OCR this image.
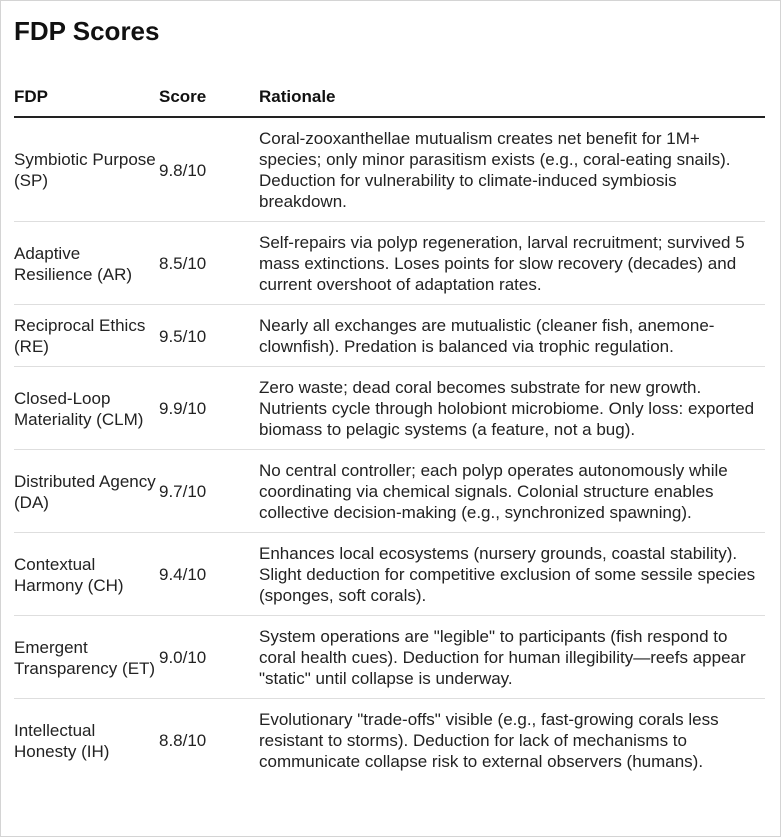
FDP Scores
FDP	Score	Rationale
Symbiotic Purpose (SP)	9.8/10	Coral-zooxanthellae mutualism creates net benefit for 1M+ species; only minor parasitism exists (e.g., coral-eating snails). Deduction for vulnerability to climate-induced symbiosis breakdown.
Adaptive Resilience (AR)	8.5/10	Self-repairs via polyp regeneration, larval recruitment; survived 5 mass extinctions. Loses points for slow recovery (decades) and current overshoot of adaptation rates.
Reciprocal Ethics (RE)	9.5/10	Nearly all exchanges are mutualistic (cleaner fish, anemone-clownfish). Predation is balanced via trophic regulation.
Closed-Loop Materiality (CLM)	9.9/10	Zero waste; dead coral becomes substrate for new growth. Nutrients cycle through holobiont microbiome. Only loss: exported biomass to pelagic systems (a feature, not a bug).
Distributed Agency (DA)	9.7/10	No central controller; each polyp operates autonomously while coordinating via chemical signals. Colonial structure enables collective decision-making (e.g., synchronized spawning).
Contextual Harmony (CH)	9.4/10	Enhances local ecosystems (nursery grounds, coastal stability). Slight deduction for competitive exclusion of some sessile species (sponges, soft corals).
Emergent Transparency (ET)	9.0/10	System operations are "legible" to participants (fish respond to coral health cues). Deduction for human illegibility—reefs appear "static" until collapse is underway.
Intellectual Honesty (IH)	8.8/10	Evolutionary "trade-offs" visible (e.g., fast-growing corals less resistant to storms). Deduction for lack of mechanisms to communicate collapse risk to external observers (humans).
